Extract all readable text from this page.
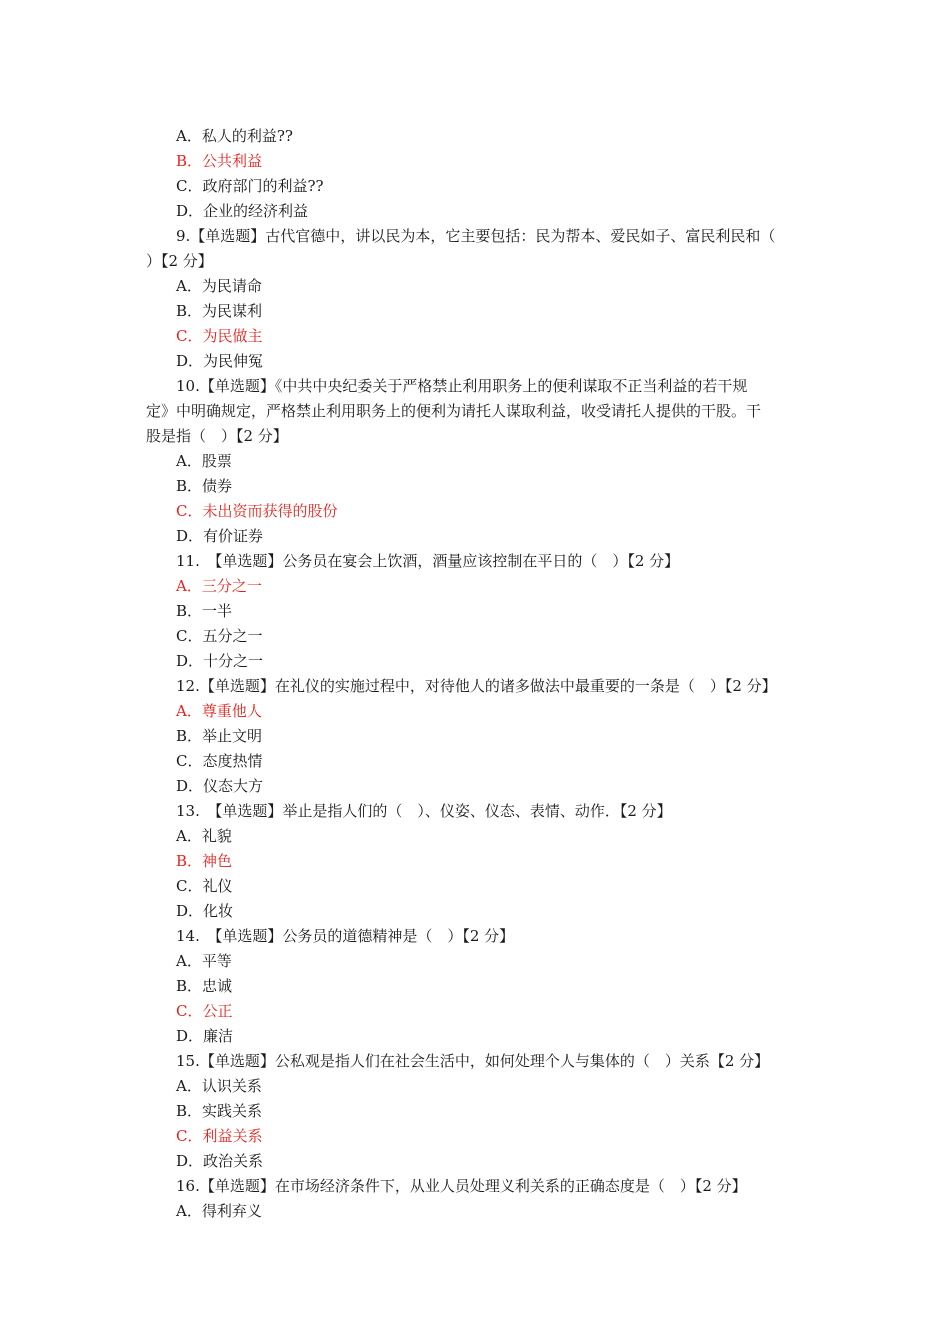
A．私人的利益??
B．公共利益
C．政府部门的利益??
D．企业的经济利益
9.【单选题】古代官德中，讲以民为本，它主要包括：民为帮本、爱民如子、富民利民和（
）【2 分】
A．为民请命
B．为民谋利
C．为民做主
D．为民伸冤
10.【单选题】《中共中央纪委关于严格禁止利用职务上的便利谋取不正当利益的若干规
定》中明确规定，严格禁止利用职务上的便利为请托人谋取利益，收受请托人提供的干股。干
股是指（　）【2 分】
A．股票
B．债券
C．未出资而获得的股份
D．有价证券
11.　【单选题】公务员在宴会上饮酒，酒量应该控制在平日的（　）【2 分】
A．三分之一
B．一半
C．五分之一
D．十分之一
12.【单选题】在礼仪的实施过程中，对待他人的诸多做法中最重要的一条是（　）【2 分】
A．尊重他人
B．举止文明
C．态度热情
D．仪态大方
13.　【单选题】举止是指人们的（　）、仪姿、仪态、表情、动作．【2 分】
A．礼貌
B．神色
C．礼仪
D．化妆
14.　【单选题】公务员的道德精神是（　）【2 分】
A．平等
B．忠诚
C．公正
D．廉洁
15.【单选题】公私观是指人们在社会生活中，如何处理个人与集体的（　）关系【2 分】
A．认识关系
B．实践关系
C．利益关系
D．政治关系
16.【单选题】在市场经济条件下，从业人员处理义利关系的正确态度是（　）【2 分】
A．得利弃义
